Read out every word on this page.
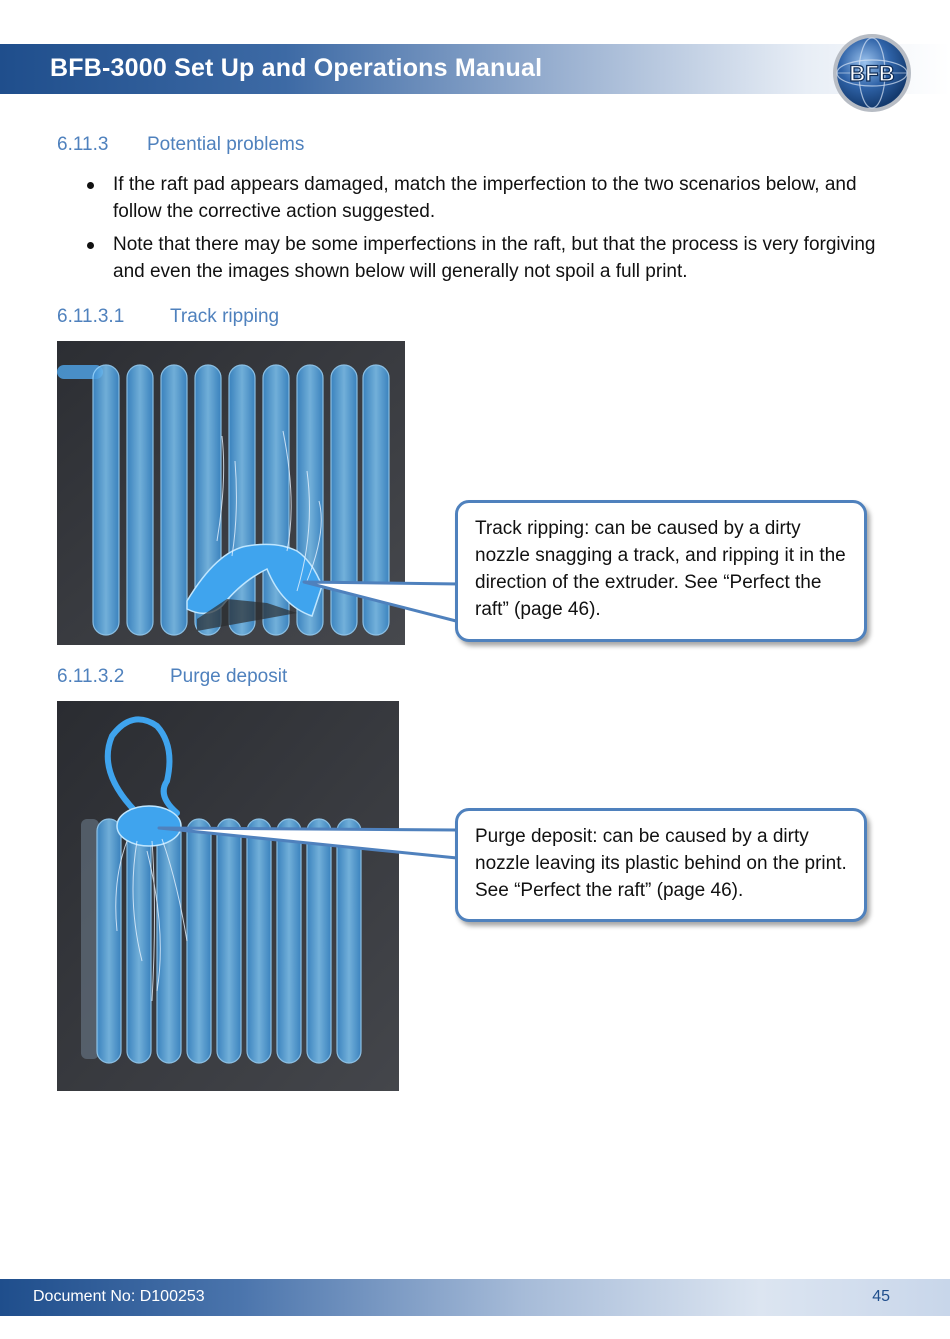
BFB-3000 Set Up and Operations Manual	BFB
6.11.3 Potential problems
If the raft pad appears damaged, match the imperfection to the two scenarios below, and follow the corrective action suggested.
Note that there may be some imperfections in the raft, but that the process is very forgiving and even the images shown below will generally not spoil a full print.
6.11.3.1 Track ripping
Track ripping: can be caused by a dirty nozzle snagging a track, and ripping it in the direction of the extruder. See “Perfect the raft” (page 46).
6.11.3.2 Purge deposit
Purge deposit: can be caused by a dirty nozzle leaving its plastic behind on the print. See “Perfect the raft” (page 46).
Document No: D100253	45
